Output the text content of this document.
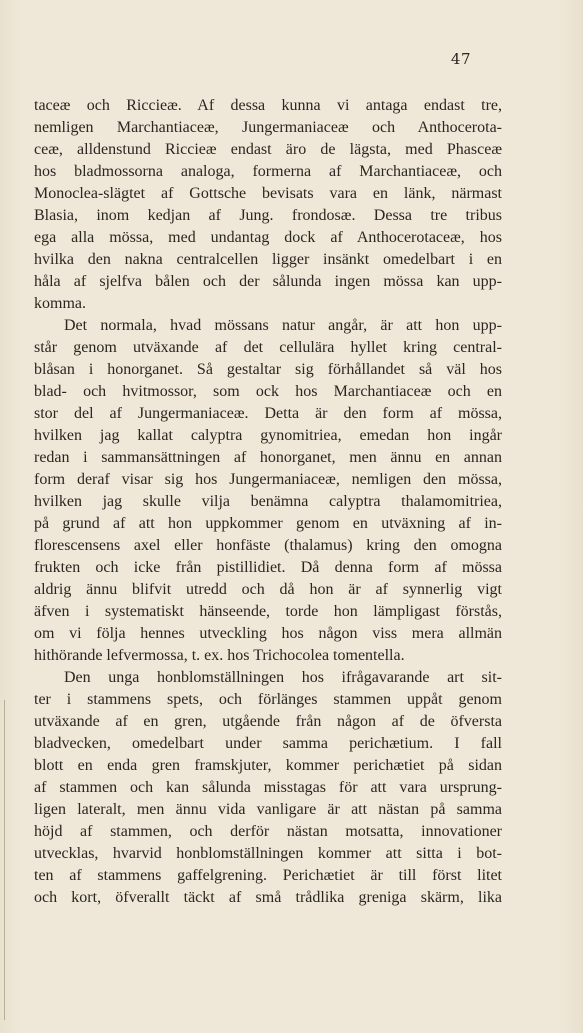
47
taceæ och Ricciеæ. Af dessa kunna vi antaga endast tre,
nemligen Marchantiaceæ, Jungermaniaceæ och Anthocerota-
ceæ, alldenstund Ricciеæ endast äro de lägsta, med Phasceæ
hos bladmossorna analoga, formerna af Marchantiaceæ, och
Monoclea-slägtet af Gottsche bevisats vara en länk, närmast
Blasia, inom kedjan af Jung. frondosæ. Dessa tre tribus
ega alla mössa, med undantag dock af Anthocerotaceæ, hos
hvilka den nakna centralcellen ligger insänkt omedelbart i en
håla af sjelfva bålen och der sålunda ingen mössa kan upp-
komma.
Det normala, hvad mössans natur angår, är att hon upp-
står genom utväxande af det cellulära hyllet kring central-
blåsan i honorganet. Så gestaltar sig förhållandet så väl hos
blad- och hvitmossor, som ock hos Marchantiaceæ och en
stor del af Jungermaniaceæ. Detta är den form af mössa,
hvilken jag kallat calyptra gynomitriea, emedan hon ingår
redan i sammansättningen af honorganet, men ännu en annan
form deraf visar sig hos Jungermaniaceæ, nemligen den mössa,
hvilken jag skulle vilja benämna calyptra thalamomitriea,
på grund af att hon uppkommer genom en utväxning af in-
florescensens axel eller honfäste (thalamus) kring den omogna
frukten och icke från pistillidiet. Då denna form af mössa
aldrig ännu blifvit utredd och då hon är af synnerlig vigt
äfven i systematiskt hänseende, torde hon lämpligast förstås,
om vi följa hennes utveckling hos någon viss mera allmän
hithörande lefvermossa, t. ex. hos Trichocolea tomentella.
Den unga honblomställningen hos ifrågavarande art sit-
ter i stammens spets, och förlänges stammen uppåt genom
utväxande af en gren, utgående från någon af de öfversta
bladvecken, omedelbart under samma perichætium. I fall
blott en enda gren framskjuter, kommer perichætiet på sidan
af stammen och kan sålunda misstagas för att vara ursprung-
ligen lateralt, men ännu vida vanligare är att nästan på samma
höjd af stammen, och derför nästan motsatta, innovationer
utvecklas, hvarvid honblomställningen kommer att sitta i bot-
ten af stammens gaffelgrening. Perichætiet är till först litet
och kort, öfverallt täckt af små trådlika greniga skärm, lika
